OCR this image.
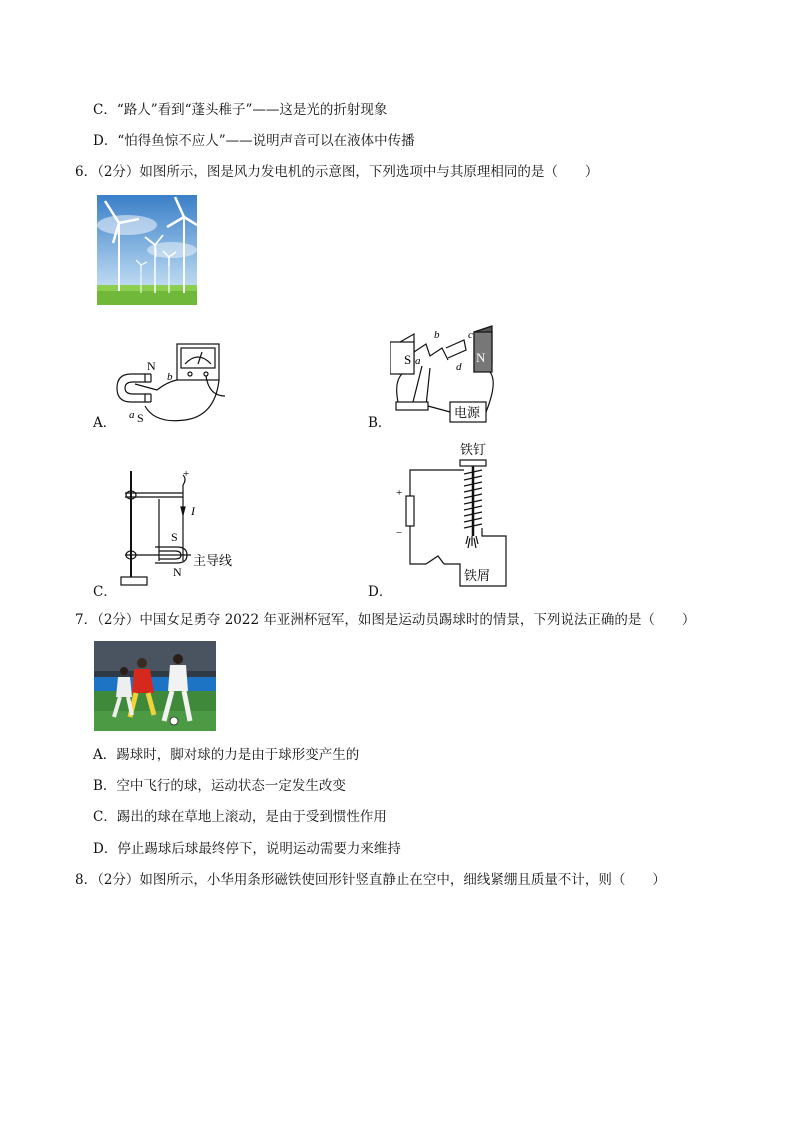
C．“路人”看到“蓬头稚子”——这是光的折射现象
D．“怕得鱼惊不应人”——说明声音可以在液体中传播
6．（2分）如图所示，图是风力发电机的示意图，下列选项中与其原理相同的是（　　）
A．
N
S
a
b
B．
S	N
a
b	c
d
电源
C．
+
I
S
N
主导线
D．
铁钉
铁屑
+
−
7．（2分）中国女足勇夺 2022 年亚洲杯冠军，如图是运动员踢球时的情景，下列说法正确的是（　　）
A．踢球时，脚对球的力是由于球形变产生的
B．空中飞行的球，运动状态一定发生改变
C．踢出的球在草地上滚动，是由于受到惯性作用
D．停止踢球后球最终停下，说明运动需要力来维持
8．（2分）如图所示，小华用条形磁铁使回形针竖直静止在空中，细线紧绷且质量不计，则（　　）
